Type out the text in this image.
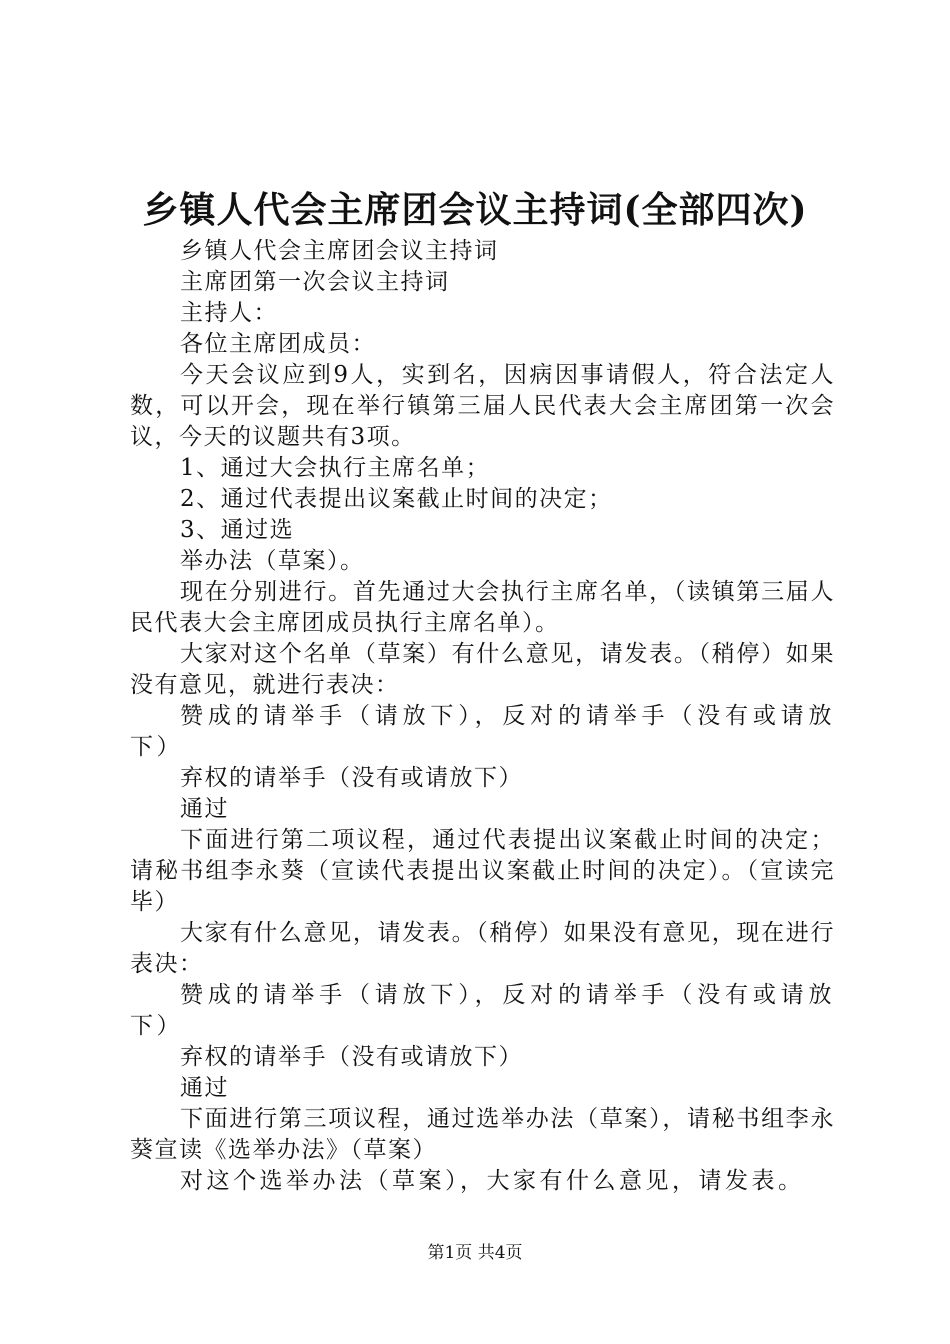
乡镇人代会主席团会议主持词(全部四次)

乡镇人代会主席团会议主持词

主席团第一次会议主持词

主持人：

各位主席团成员：

今天会议应到9人，实到名，因病因事请假人，符合法定人数，可以开会，现在举行镇第三届人民代表大会主席团第一次会议，今天的议题共有3项。

1、通过大会执行主席名单；

2、通过代表提出议案截止时间的决定；

3、通过选

举办法（草案）。

现在分别进行。首先通过大会执行主席名单，（读镇第三届人民代表大会主席团成员执行主席名单）。

大家对这个名单（草案）有什么意见，请发表。（稍停）如果没有意见，就进行表决：

赞成的请举手（请放下），反对的请举手（没有或请放下）

弃权的请举手（没有或请放下）

通过

下面进行第二项议程，通过代表提出议案截止时间的决定；请秘书组李永葵（宣读代表提出议案截止时间的决定）。（宣读完毕）

大家有什么意见，请发表。（稍停）如果没有意见，现在进行表决：

赞成的请举手（请放下），反对的请举手（没有或请放下）

弃权的请举手（没有或请放下）

通过

下面进行第三项议程，通过选举办法（草案），请秘书组李永葵宣读《选举办法》（草案）

对这个选举办法（草案），大家有什么意见，请发表。

第1页 共4页
